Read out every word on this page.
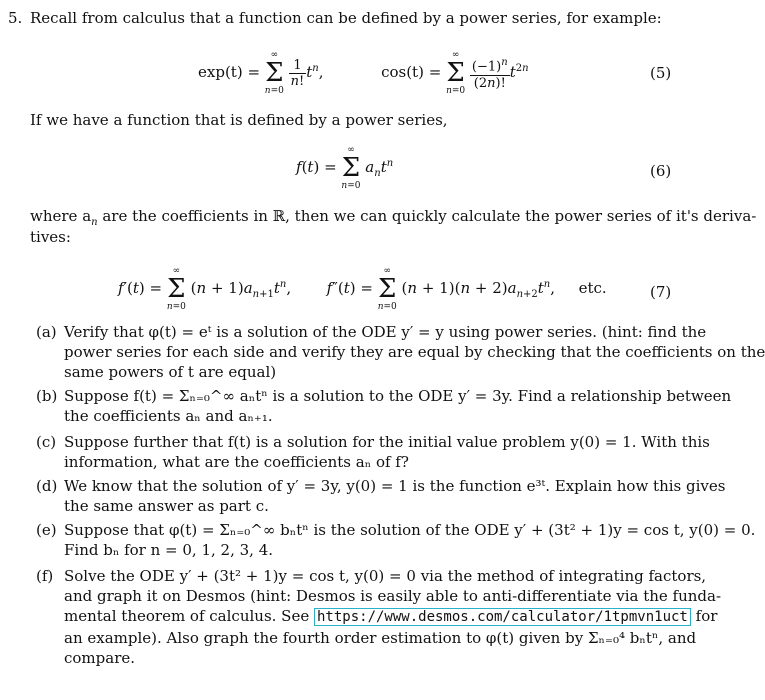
5. Recall from calculus that a function can be defined by a power series, for example:
exp(t) =
∞
Σ
n=0

$\frac{1}{n!} t^n$,	cos(t) =
∞
Σ
n=0

$\frac{(-1)^n}{(2n)!} t^{2n}$	(5)
If we have a function that is defined by a power series,
f(t) =
∞
Σ
n=0
$a_nt^n$	(6)
where $a_n$ are the coefficients in ℝ, then we can quickly calculate the power series of it's deriva-
tives:
f′(t) =
∞
Σ
n=0
$(n + 1)a_{n+1}t^n$,  f″(t) =
∞
Σ
n=0
$(n + 1)(n + 2)a_{n+2}t^n$,  etc.	(7)
(a) Verify that φ(t) = eᵗ is a solution of the ODE y′ = y using power series. (hint: find the
power series for each side and verify they are equal by checking that the coefficients on the
same powers of t are equal)
(b) Suppose f(t) = Σₙ₌₀^∞ aₙtⁿ is a solution to the ODE y′ = 3y. Find a relationship between
the coefficients aₙ and aₙ₊₁.
(c) Suppose further that f(t) is a solution for the initial value problem y(0) = 1. With this
information, what are the coefficients aₙ of f?
(d) We know that the solution of y′ = 3y, y(0) = 1 is the function e³ᵗ. Explain how this gives
the same answer as part c.
(e) Suppose that φ(t) = Σₙ₌₀^∞ bₙtⁿ is the solution of the ODE y′ + (3t² + 1)y = cos t, y(0) = 0.
Find bₙ for n = 0, 1, 2, 3, 4.
(f) Solve the ODE y′ + (3t² + 1)y = cos t, y(0) = 0 via the method of integrating factors,
and graph it on Desmos (hint: Desmos is easily able to anti-differentiate via the funda-
mental theorem of calculus. See https://www.desmos.com/calculator/1tpmvn1uct for
an example). Also graph the fourth order estimation to φ(t) given by Σₙ₌₀⁴ bₙtⁿ, and
compare.
